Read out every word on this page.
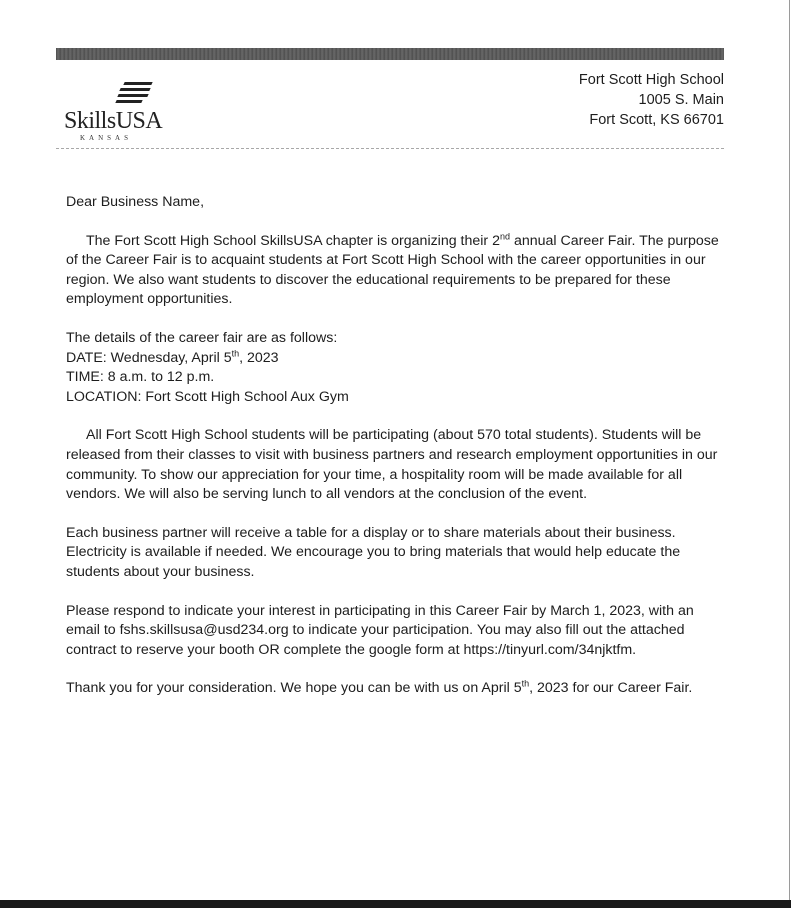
SkillsUSA
KANSAS
Fort Scott High School
1005 S. Main
Fort Scott, KS 66701

Dear Business Name,

The Fort Scott High School SkillsUSA chapter is organizing their 2nd annual Career Fair. The purpose of the Career Fair is to acquaint students at Fort Scott High School with the career opportunities in our region. We also want students to discover the educational requirements to be prepared for these employment opportunities.

The details of the career fair are as follows:
DATE: Wednesday, April 5th, 2023
TIME: 8 a.m. to 12 p.m.
LOCATION: Fort Scott High School Aux Gym

All Fort Scott High School students will be participating (about 570 total students). Students will be released from their classes to visit with business partners and research employment opportunities in our community. To show our appreciation for your time, a hospitality room will be made available for all vendors. We will also be serving lunch to all vendors at the conclusion of the event.

Each business partner will receive a table for a display or to share materials about their business. Electricity is available if needed. We encourage you to bring materials that would help educate the students about your business.

Please respond to indicate your interest in participating in this Career Fair by March 1, 2023, with an email to fshs.skillsusa@usd234.org to indicate your participation. You may also fill out the attached contract to reserve your booth OR complete the google form at https://tinyurl.com/34njktfm.

Thank you for your consideration. We hope you can be with us on April 5th, 2023 for our Career Fair.
